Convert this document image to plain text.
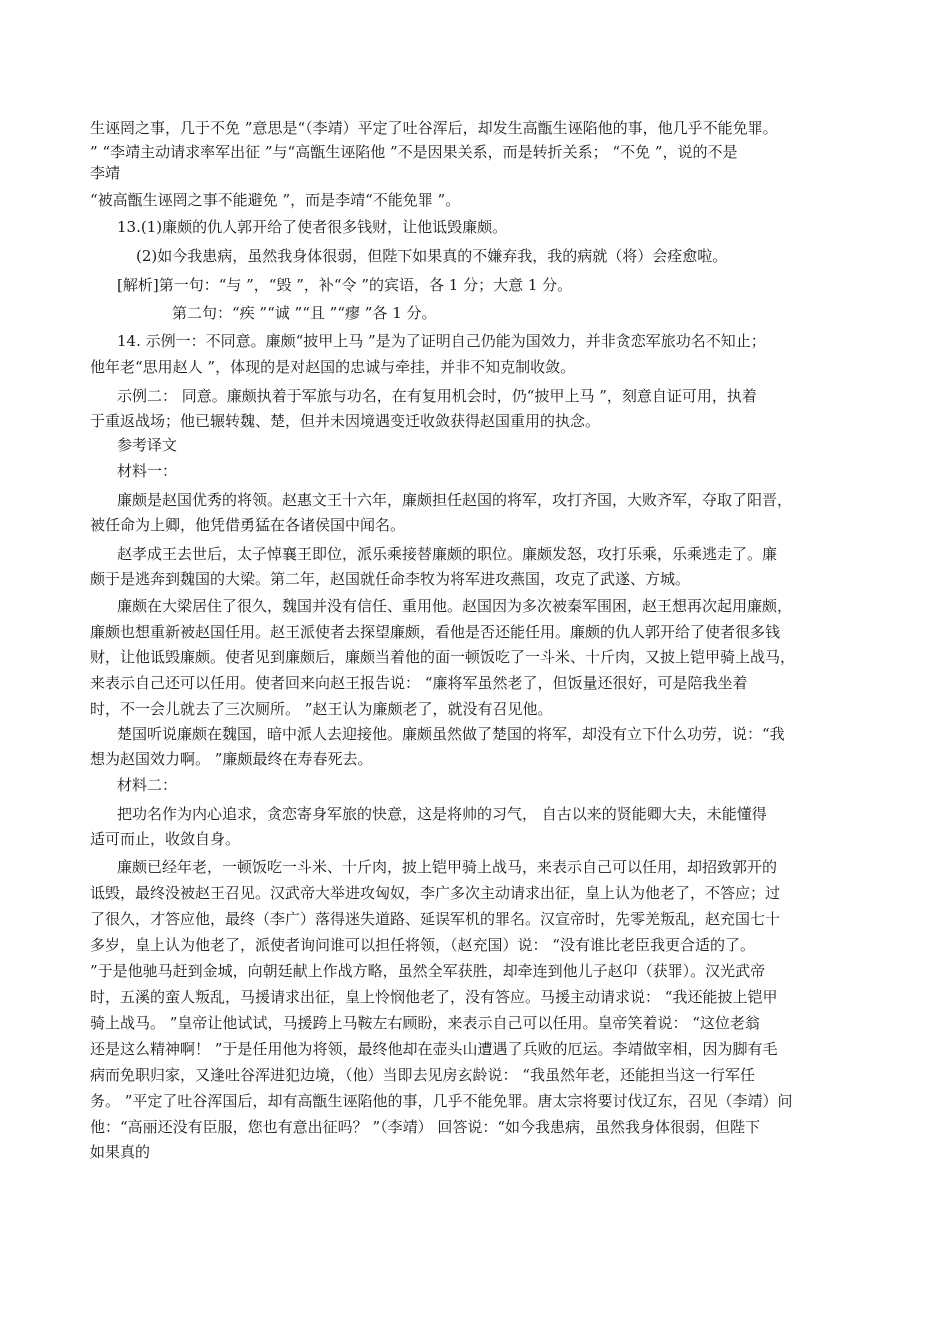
生诬罔之事，几于不免 ”意思是“（李靖）平定了吐谷浑后，却发生高甑生诬陷他的事，他几乎不能免罪。
” “李靖主动请求率军出征 ”与“高甑生诬陷他 ”不是因果关系，而是转折关系； “不免 ”，说的不是
李靖
“被高甑生诬罔之事不能避免 ”，而是李靖“不能免罪 ”。
13.(1)廉颇的仇人郭开给了使者很多钱财，让他诋毁廉颇。
(2)如今我患病，虽然我身体很弱，但陛下如果真的不嫌弃我，我的病就（将）会痊愈啦。
[解析]第一句：“与 ”，“毁 ”，补“令 ”的宾语，各 1 分；大意 1 分。
第二句：“疾 ”“诚 ”“且 ”“瘳 ”各 1 分。
14. 示例一：不同意。廉颇“披甲上马 ”是为了证明自己仍能为国效力，并非贪恋军旅功名不知止；
他年老“思用赵人 ”，体现的是对赵国的忠诚与牵挂，并非不知克制收敛。
示例二： 同意。廉颇执着于军旅与功名，在有复用机会时，仍“披甲上马 ”，刻意自证可用，执着
于重返战场；他已辗转魏、楚，但并未因境遇变迁收敛获得赵国重用的执念。
参考译文
材料一：
廉颇是赵国优秀的将领。赵惠文王十六年，廉颇担任赵国的将军，攻打齐国，大败齐军，夺取了阳晋，
被任命为上卿，他凭借勇猛在各诸侯国中闻名。
赵孝成王去世后，太子悼襄王即位，派乐乘接替廉颇的职位。廉颇发怒，攻打乐乘，乐乘逃走了。廉
颇于是逃奔到魏国的大梁。第二年，赵国就任命李牧为将军进攻燕国，攻克了武遂、方城。
廉颇在大梁居住了很久，魏国并没有信任、重用他。赵国因为多次被秦军围困，赵王想再次起用廉颇，
廉颇也想重新被赵国任用。赵王派使者去探望廉颇，看他是否还能任用。廉颇的仇人郭开给了使者很多钱
财，让他诋毁廉颇。使者见到廉颇后，廉颇当着他的面一顿饭吃了一斗米、十斤肉，又披上铠甲骑上战马，
来表示自己还可以任用。使者回来向赵王报告说： “廉将军虽然老了，但饭量还很好，可是陪我坐着
时，不一会儿就去了三次厕所。 ”赵王认为廉颇老了，就没有召见他。
楚国听说廉颇在魏国，暗中派人去迎接他。廉颇虽然做了楚国的将军，却没有立下什么功劳，说：“我
想为赵国效力啊。 ”廉颇最终在寿春死去。
材料二：
把功名作为内心追求，贪恋寄身军旅的快意，这是将帅的习气， 自古以来的贤能卿大夫，未能懂得
适可而止，收敛自身。
廉颇已经年老，一顿饭吃一斗米、十斤肉，披上铠甲骑上战马，来表示自己可以任用，却招致郭开的
诋毁，最终没被赵王召见。汉武帝大举进攻匈奴，李广多次主动请求出征，皇上认为他老了，不答应；过
了很久，才答应他，最终（李广）落得迷失道路、延误军机的罪名。汉宣帝时，先零羌叛乱，赵充国七十
多岁，皇上认为他老了，派使者询问谁可以担任将领，（赵充国）说： “没有谁比老臣我更合适的了。
”于是他驰马赶到金城，向朝廷献上作战方略，虽然全军获胜，却牵连到他儿子赵卬（获罪）。汉光武帝
时，五溪的蛮人叛乱，马援请求出征，皇上怜悯他老了，没有答应。马援主动请求说： “我还能披上铠甲
骑上战马。 ”皇帝让他试试，马援跨上马鞍左右顾盼，来表示自己可以任用。皇帝笑着说： “这位老翁
还是这么精神啊！ ”于是任用他为将领，最终他却在壶头山遭遇了兵败的厄运。李靖做宰相，因为脚有毛
病而免职归家，又逢吐谷浑进犯边境，（他）当即去见房玄龄说： “我虽然年老，还能担当这一行军任
务。 ”平定了吐谷浑国后，却有高甑生诬陷他的事，几乎不能免罪。唐太宗将要讨伐辽东，召见（李靖）问
他：“高丽还没有臣服，您也有意出征吗？ ”（李靖） 回答说：“如今我患病，虽然我身体很弱，但陛下
如果真的
